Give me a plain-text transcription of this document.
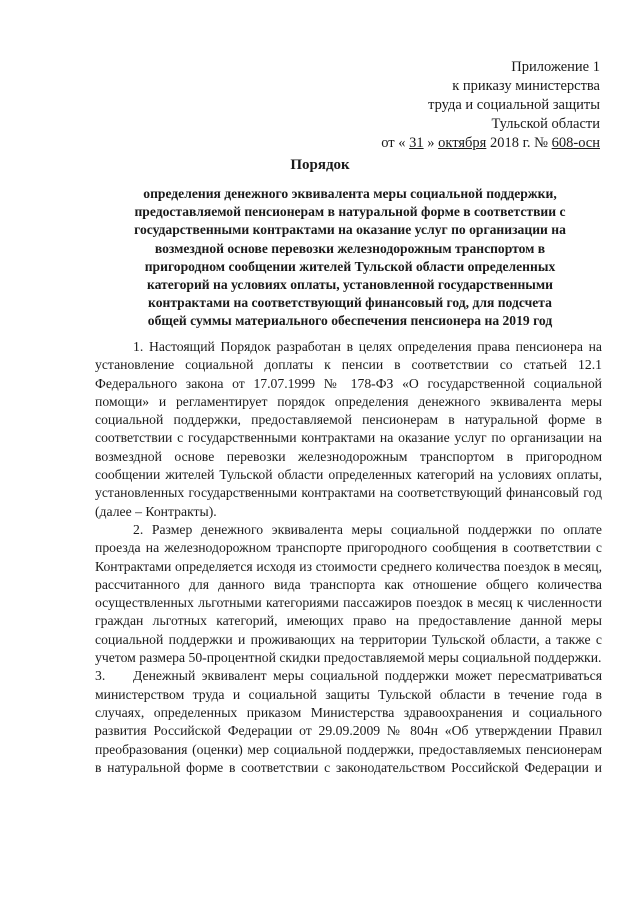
Приложение 1
к приказу министерства
труда и социальной защиты
Тульской области
от « 31 » октября 2018 г. № 608-осн
Порядок
определения денежного эквивалента меры социальной поддержки,
предоставляемой пенсионерам в натуральной форме в соответствии с
государственными контрактами на оказание услуг по организации на
возмездной основе перевозки железнодорожным транспортом в
пригородном сообщении жителей Тульской области определенных
категорий на условиях оплаты, установленной государственными
контрактами на соответствующий финансовый год, для подсчета
общей суммы материального обеспечения пенсионера на 2019 год

1. Настоящий Порядок разработан в целях определения права пенсионера на установление социальной доплаты к пенсии в соответствии со статьей 12.1 Федерального закона от 17.07.1999 № 178-ФЗ «О государственной социальной помощи» и регламентирует порядок определения денежного эквивалента меры социальной поддержки, предоставляемой пенсионерам в натуральной форме в соответствии с государственными контрактами на оказание услуг по организации на возмездной основе перевозки железнодорожным транспортом в пригородном сообщении жителей Тульской области определенных категорий на условиях оплаты, установленных государственными контрактами на соответствующий финансовый год (далее – Контракты).

2. Размер денежного эквивалента меры социальной поддержки по оплате проезда на железнодорожном транспорте пригородного сообщения в соответствии с Контрактами определяется исходя из стоимости среднего количества поездок в месяц, рассчитанного для данного вида транспорта как отношение общего количества осуществленных льготными категориями пассажиров поездок в месяц к численности граждан льготных категорий, имеющих право на предоставление данной меры социальной поддержки и проживающих на территории Тульской области, а также с учетом размера 50-процентной скидки предоставляемой меры социальной поддержки.

3. Денежный эквивалент меры социальной поддержки может пересматриваться министерством труда и социальной защиты Тульской области в течение года в случаях, определенных приказом Министерства здравоохранения и социального развития Российской Федерации от 29.09.2009 № 804н «Об утверждении Правил преобразования (оценки) мер социальной поддержки, предоставляемых пенсионерам в натуральной форме в соответствии с законодательством Российской Федерации и
